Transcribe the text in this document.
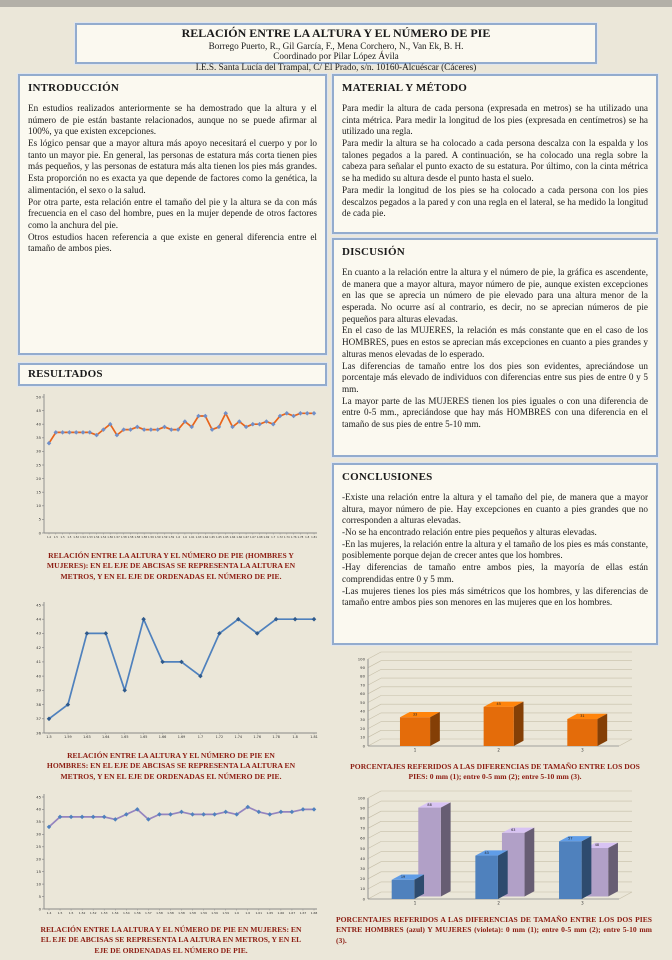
RELACIÓN ENTRE LA ALTURA Y EL NÚMERO DE PIE
Borrego Puerto, R., Gil García, F., Mena Corchero, N., Van Ek, B. H.
Coordinado por Pilar López Ávila
I.E.S. Santa Lucía del Trampal, C/ El Prado, s/n. 10160-Alcuéscar (Cáceres)
INTRODUCCIÓN

En estudios realizados anteriormente se ha demostrado que la altura y el número de pie están bastante relacionados, aunque no se puede afirmar al 100%, ya que existen excepciones.

Es lógico pensar que a mayor altura más apoyo necesitará el cuerpo y por lo tanto un mayor pie. En general, las personas de estatura más corta tienen pies más pequeños, y las personas de estatura más alta tienen los pies más grandes. Esta proporción no es exacta ya que depende de factores como la genética, la alimentación, el sexo o la salud.

Por otra parte, esta relación entre el tamaño del pie y la altura se da con más frecuencia en el caso del hombre, pues en la mujer depende de otros factores como la anchura del pie.

Otros estudios hacen referencia a que existe en general diferencia entre el tamaño de ambos pies.

RESULTADOS
MATERIAL Y MÉTODO

Para medir la altura de cada persona (expresada en metros) se ha utilizado una cinta métrica. Para medir la longitud de los pies (expresada en centímetros) se ha utilizado una regla.

Para medir la altura se ha colocado a cada persona descalza con la espalda y los talones pegados a la pared. A continuación, se ha colocado una regla sobre la cabeza para señalar el punto exacto de su estatura. Por último, con la cinta métrica se ha medido su altura desde el punto hasta el suelo.

Para medir la longitud de los pies se ha colocado a cada persona con los pies descalzos pegados a la pared y con una regla en el lateral, se ha medido la longitud de cada pie.

DISCUSIÓN

En cuanto a la relación entre la altura y el número de pie, la gráfica es ascendente, de manera que a mayor altura, mayor número de pie, aunque existen excepciones en las que se aprecia un número de pie elevado para una altura menor de la esperada. No ocurre así al contrario, es decir, no se aprecian números de pie pequeños para alturas elevadas.

En el caso de las MUJERES, la relación es más constante que en el caso de los HOMBRES, pues en estos se aprecian más excepciones en cuanto a pies grandes y alturas menos elevadas de lo esperado.

Las diferencias de tamaño entre los dos pies son evidentes, apreciándose un porcentaje más elevado de individuos con diferencias entre sus pies de entre 0 y 5 mm.

La mayor parte de las MUJERES tienen los pies iguales o con una diferencia de entre 0-5 mm., apreciándose que hay más HOMBRES con una diferencia en el tamaño de sus pies de entre 5-10 mm.

CONCLUSIONES

-Existe una relación entre la altura y el tamaño del pie, de manera que a mayor altura, mayor número de pie. Hay excepciones en cuanto a pies grandes que no corresponden a alturas elevadas.

-No se ha encontrado relación entre pies pequeños y alturas elevadas.

-En las mujeres, la relación entre la altura y el tamaño de los pies es más constante, posiblemente porque dejan de crecer antes que los hombres.

-Hay diferencias de tamaño entre ambos pies, la mayoría de ellas están comprendidas entre 0 y 5 mm.

-Las mujeres tienes los pies más simétricos que los hombres, y las diferencias de tamaño entre ambos pies son menores en las mujeres que en los hombres.

0
5
10
15
20
25
30
35
40
45
50
1.4 1.5 1.5 1.5 1.52 1.52 1.53 1.54 1.54 1.56 1.57 1.58 1.58 1.58 1.58 1.59 1.59 1.59 1.59 1.6 1.6 1.61 1.63 1.64 1.65 1.65 1.65 1.66 1.66 1.67 1.67 1.68 1.69 1.7 1.72 1.74 1.76 1.78 1.8 1.81
RELACIÓN ENTRE LA ALTURA Y EL NÚMERO DE PIE (HOMBRES Y MUJERES): EN EL EJE DE ABCISAS SE REPRESENTA LA ALTURA EN METROS, Y EN EL EJE DE ORDENADAS EL NÚMERO DE PIE.
36
37
38
39
40
41
42
43
44
45
1.5	1.59	1.63	1.64	1.65	1.65	1.66	1.69	1.7	1.72	1.74	1.76	1.78	1.8	1.81
RELACIÓN ENTRE LA ALTURA Y EL NÚMERO DE PIE EN HOMBRES: EN EL EJE DE ABCISAS SE REPRESENTA LA ALTURA EN METROS, Y EN EL EJE DE ORDENADAS EL NÚMERO DE PIE.
0
5
10
15
20
25
30
35
40
45
1.4 1.5 1.5 1.52 1.52 1.53 1.54 1.54 1.56 1.57 1.58 1.58 1.58 1.58 1.59 1.59 1.59 1.6 1.6 1.61 1.65 1.66 1.67 1.67 1.68
RELACIÓN ENTRE LA ALTURA Y EL NÚMERO DE PIE EN MUJERES: EN EL EJE DE ABCISAS SE REPRESENTA LA ALTURA EN METROS, Y EN EL EJE DE ORDENADAS EL NÚMERO DE PIE.
0
10
20
30
40
50
60
70
80
90
100
33
1
45
2
31
3
PORCENTAJES REFERIDOS A LAS DIFERENCIAS DE TAMAÑO ENTRE LOS DOS PIES: 0 mm (1); entre 0-5 mm (2); entre 5-10 mm (3).
0
10
20
30
40
50
60
70
80
90
100
88
19
1
63
43
2
48
57
3
PORCENTAJES REFERIDOS A LAS DIFERENCIAS DE TAMAÑO ENTRE LOS DOS PIES ENTRE HOMBRES (azul) Y MUJERES (violeta): 0 mm (1); entre 0-5 mm (2); entre 5-10 mm (3).
